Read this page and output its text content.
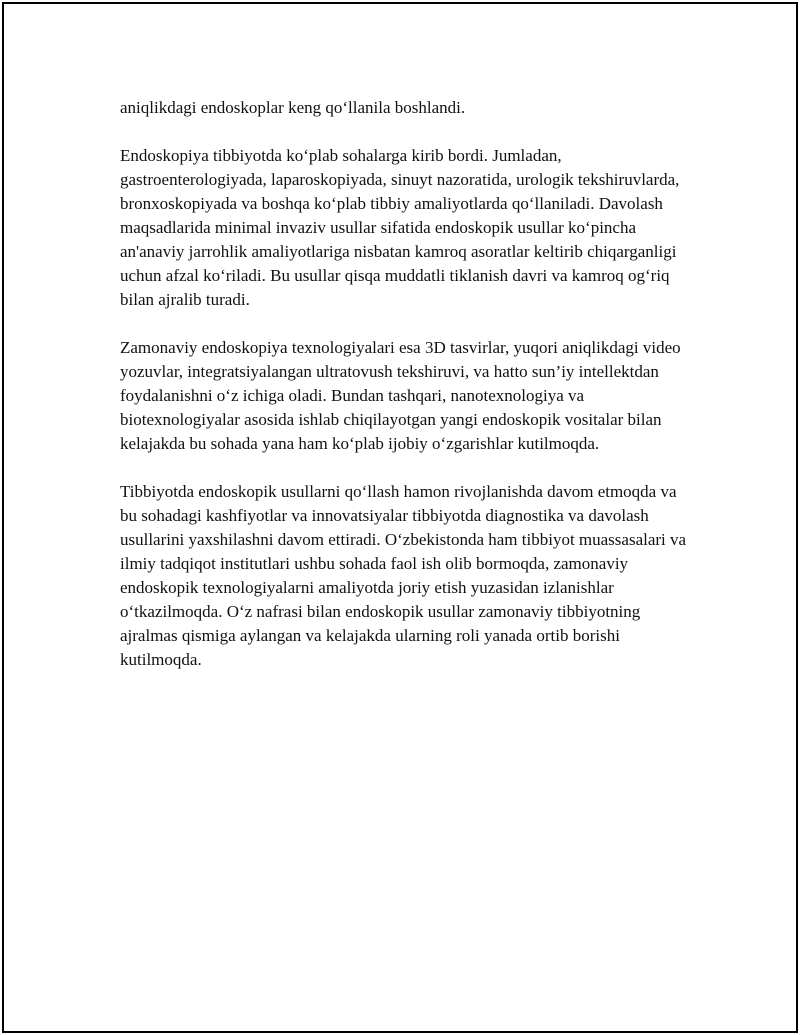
aniqlikdagi endoskoplar keng qo‘llanila boshlandi.

Endoskopiya tibbiyotda ko‘plab sohalarga kirib bordi. Jumladan, gastroenterologiyada, laparoskopiyada, sinuyt nazoratida, urologik tekshiruvlarda, bronxoskopiyada va boshqa ko‘plab tibbiy amaliyotlarda qo‘llaniladi. Davolash maqsadlarida minimal invaziv usullar sifatida endoskopik usullar ko‘pincha an'anaviy jarrohlik amaliyotlariga nisbatan kamroq asoratlar keltirib chiqarganligi uchun afzal ko‘riladi. Bu usullar qisqa muddatli tiklanish davri va kamroq og‘riq bilan ajralib turadi.

Zamonaviy endoskopiya texnologiyalari esa 3D tasvirlar, yuqori aniqlikdagi video yozuvlar, integratsiyalangan ultratovush tekshiruvi, va hatto sun’iy intellektdan foydalanishni o‘z ichiga oladi. Bundan tashqari, nanotexnologiya va biotexnologiyalar asosida ishlab chiqilayotgan yangi endoskopik vositalar bilan kelajakda bu sohada yana ham ko‘plab ijobiy o‘zgarishlar kutilmoqda.

Tibbiyotda endoskopik usullarni qo‘llash hamon rivojlanishda davom etmoqda va bu sohadagi kashfiyotlar va innovatsiyalar tibbiyotda diagnostika va davolash usullarini yaxshilashni davom ettiradi. O‘zbekistonda ham tibbiyot muassasalari va ilmiy tadqiqot institutlari ushbu sohada faol ish olib bormoqda, zamonaviy endoskopik texnologiyalarni amaliyotda joriy etish yuzasidan izlanishlar o‘tkazilmoqda. O‘z nafrasi bilan endoskopik usullar zamonaviy tibbiyotning ajralmas qismiga aylangan va kelajakda ularning roli yanada ortib borishi kutilmoqda.
